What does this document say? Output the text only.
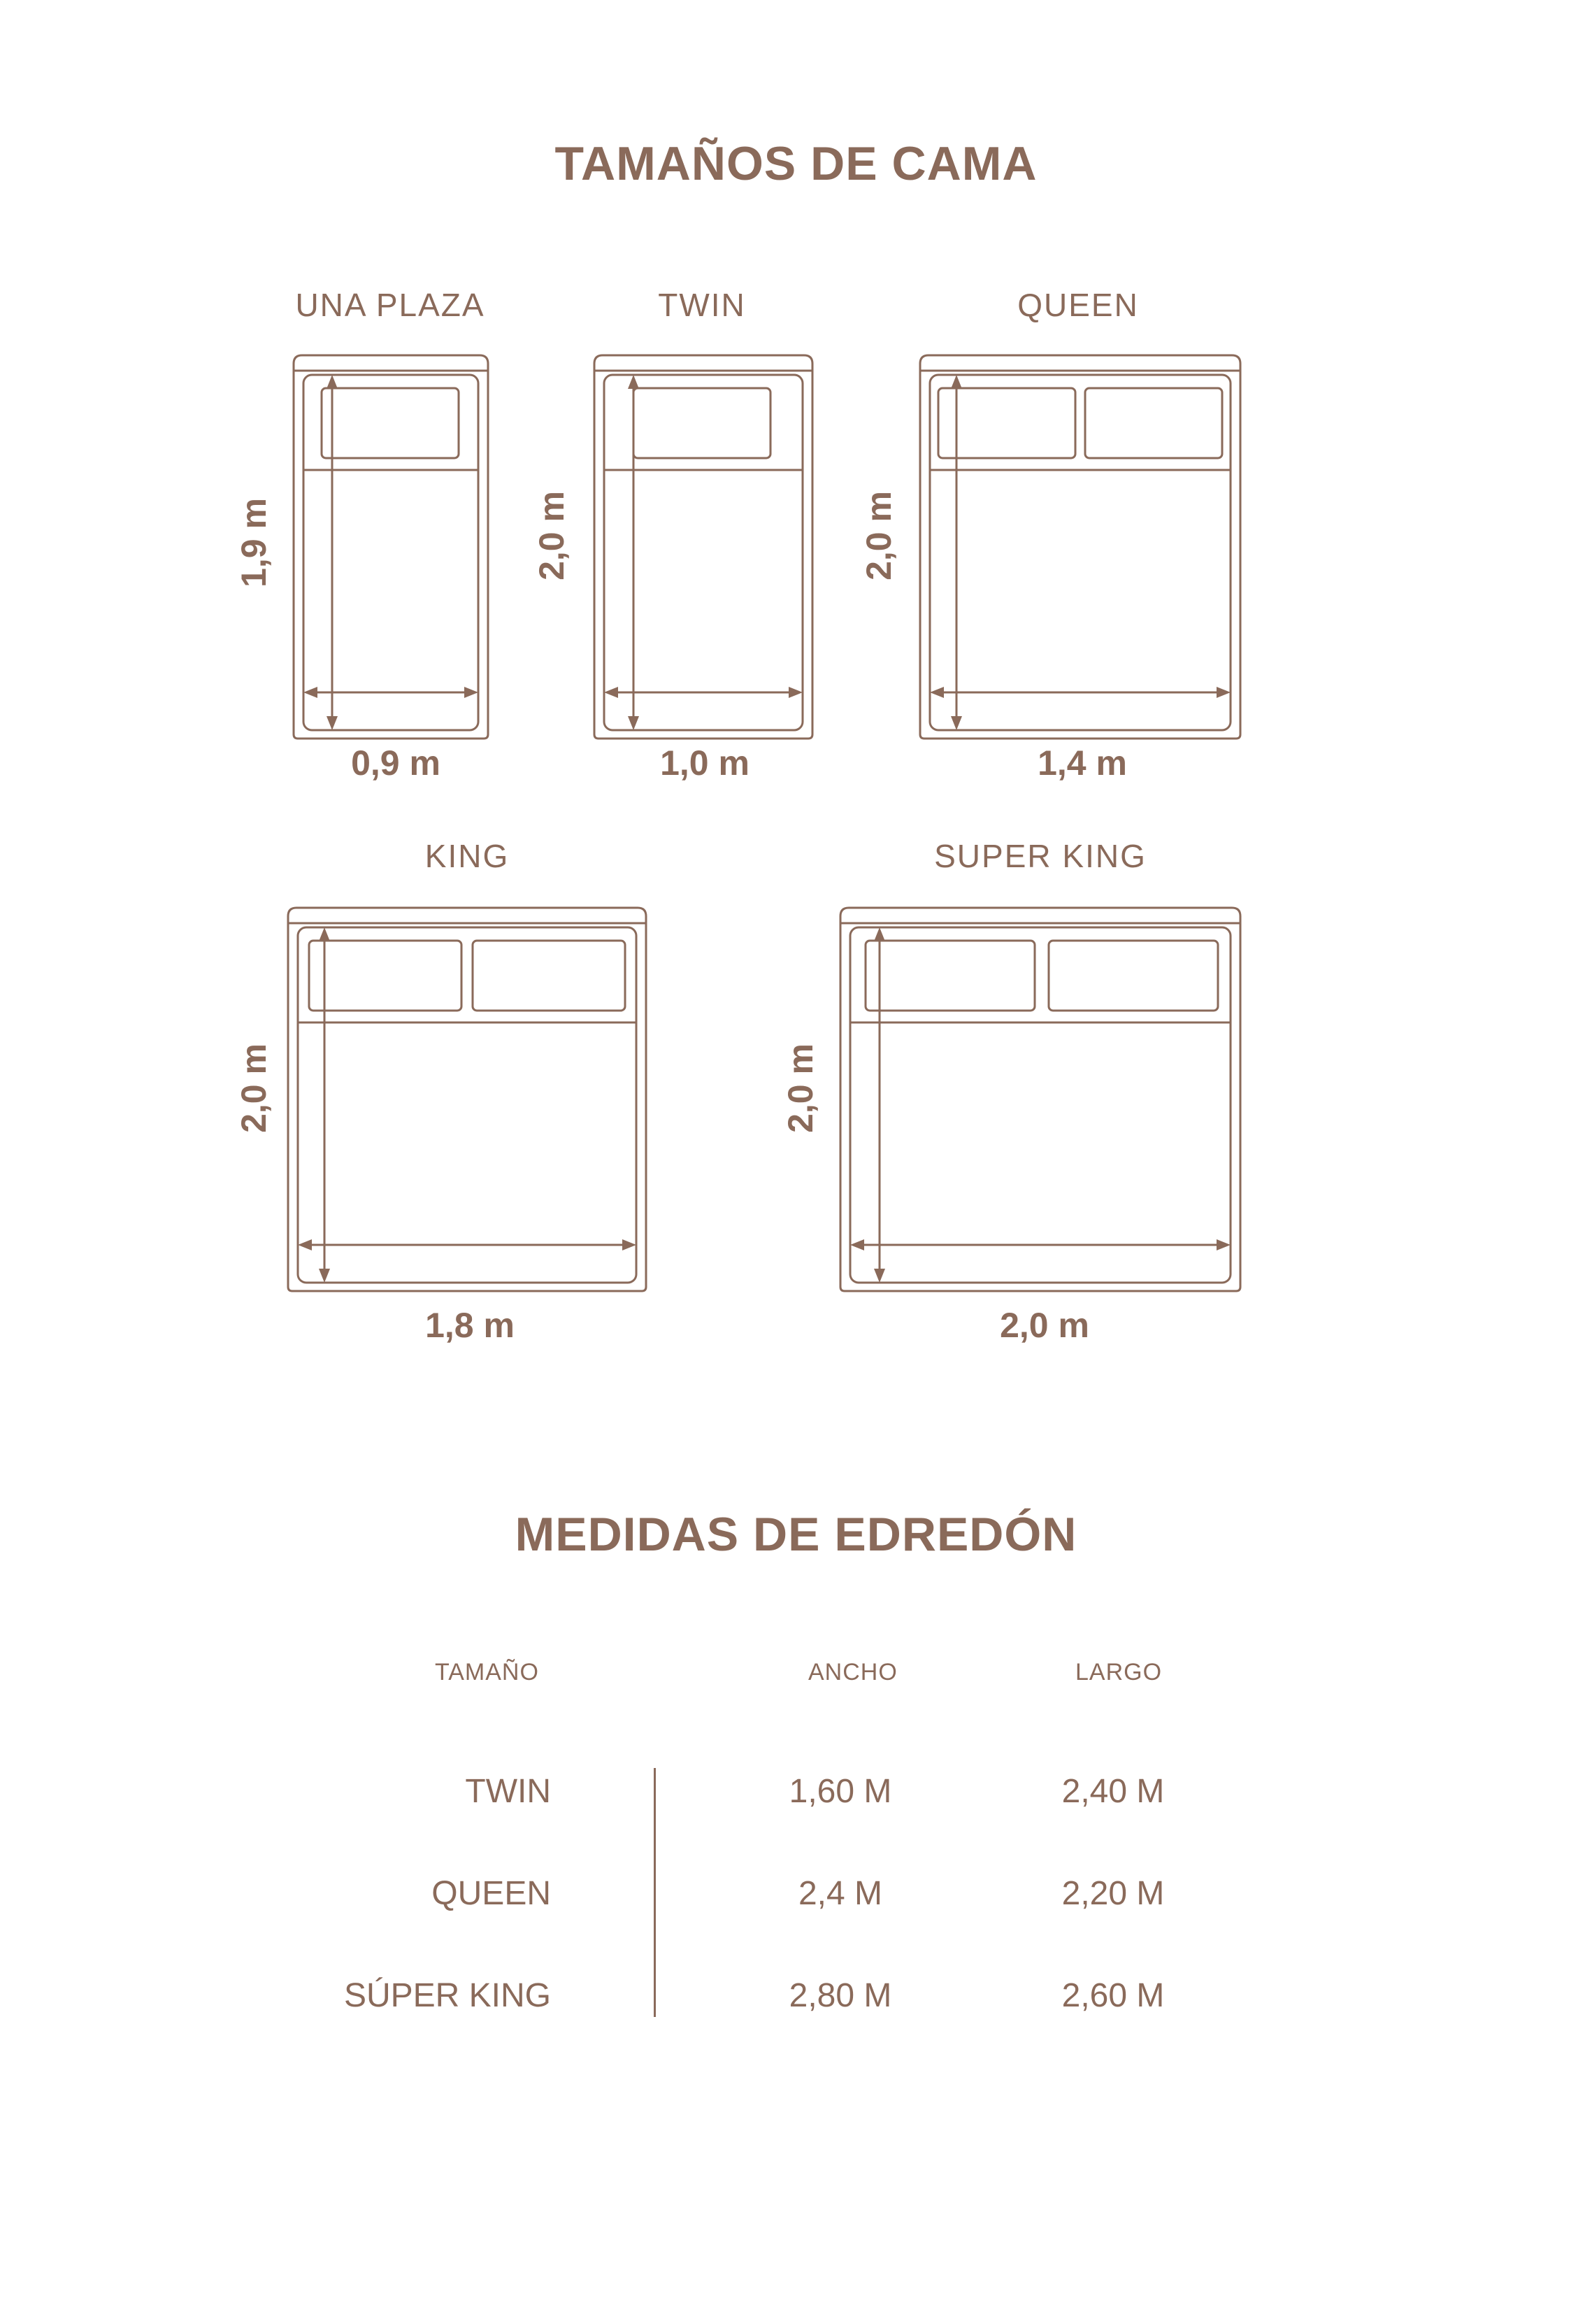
TAMAÑOS DE CAMA
UNA PLAZA
0,9 m
1,9 m
TWIN
1,0 m
2,0 m
QUEEN
1,4 m
2,0 m
KING
1,8 m
2,0 m
SUPER KING
2,0 m
2,0 m
MEDIDAS DE EDREDÓN
TAMAÑO	ANCHO	LARGO
TWIN	1,60 M	2,40 M
QUEEN	2,4 M	2,20 M
SÚPER KING	2,80 M	2,60 M
